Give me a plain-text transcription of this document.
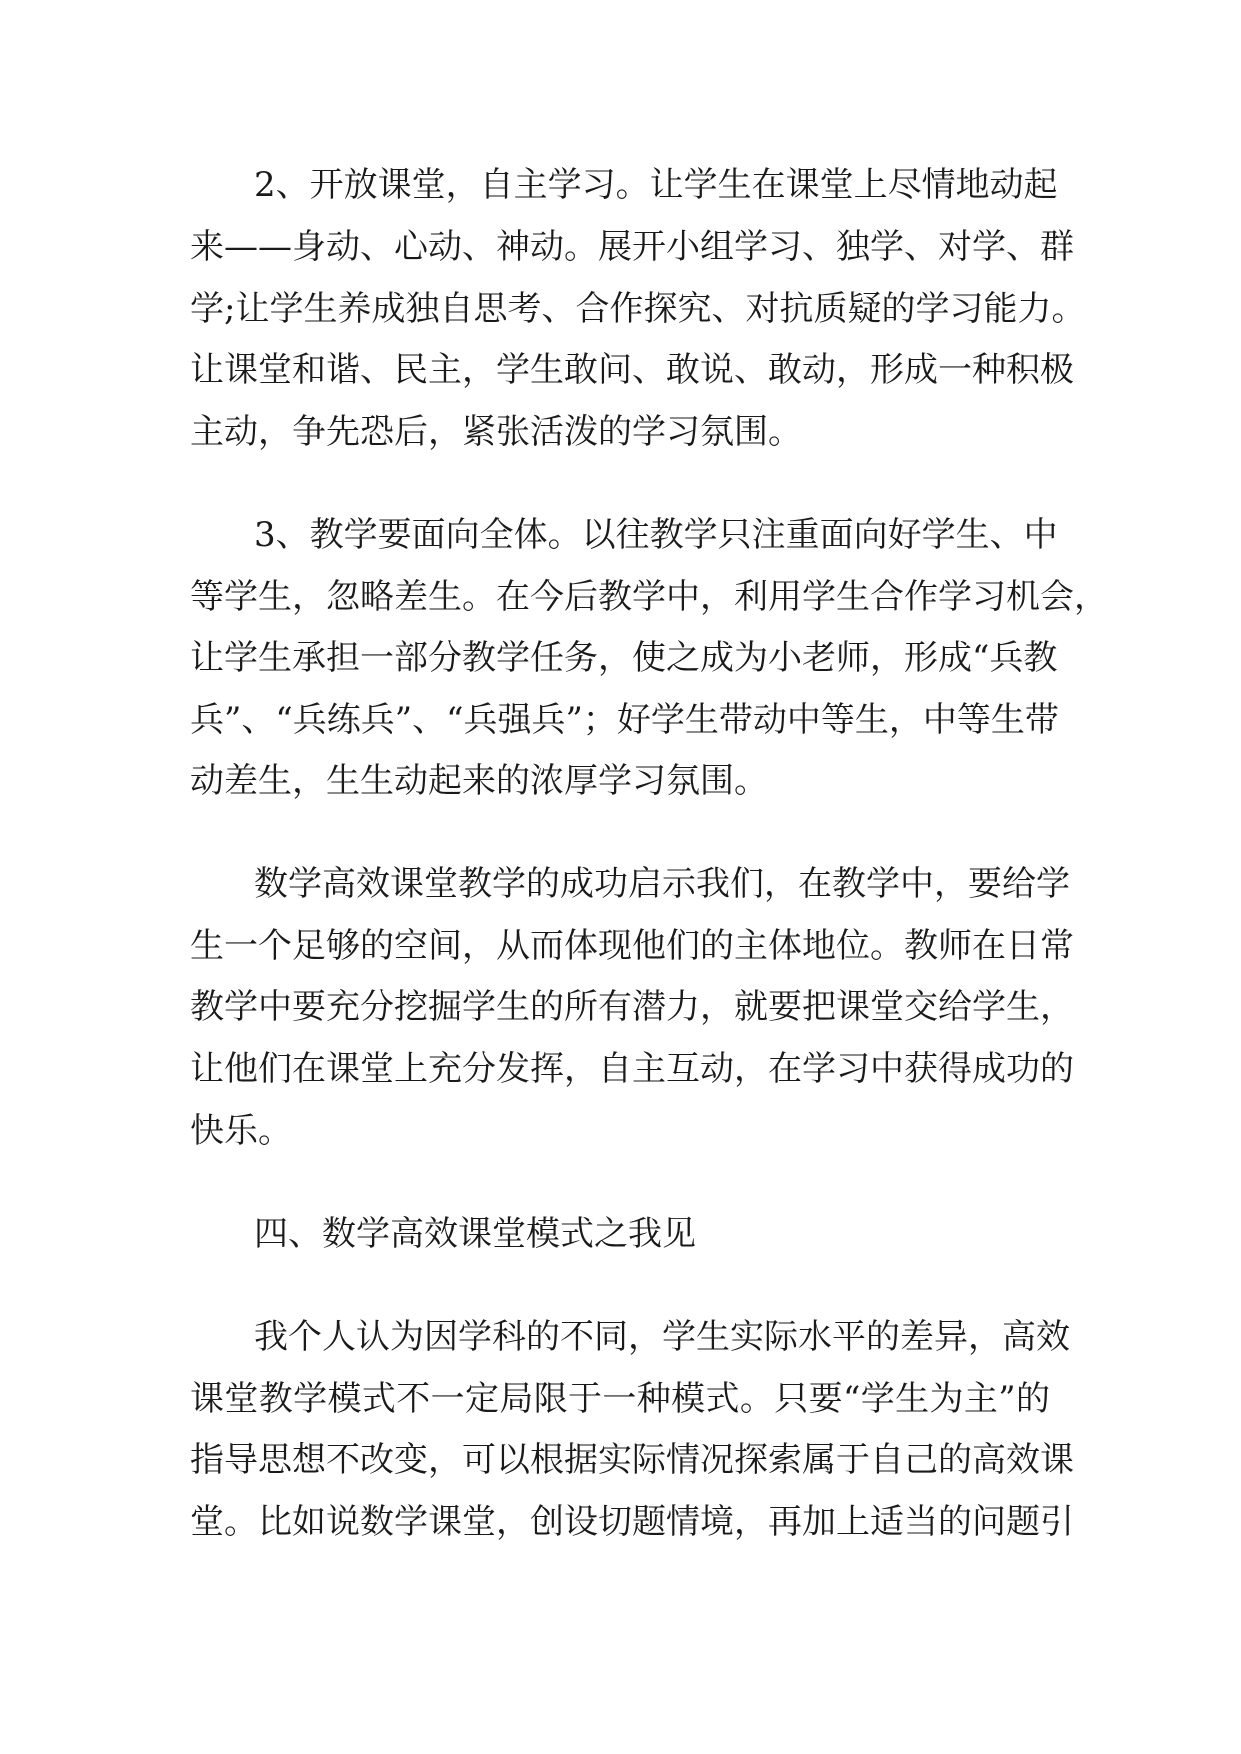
2、开放课堂，自主学习。让学生在课堂上尽情地动起

来——身动、心动、神动。展开小组学习、独学、对学、群

学;让学生养成独自思考、合作探究、对抗质疑的学习能力。

让课堂和谐、民主，学生敢问、敢说、敢动，形成一种积极

主动，争先恐后，紧张活泼的学习氛围。

3、教学要面向全体。以往教学只注重面向好学生、中

等学生，忽略差生。在今后教学中，利用学生合作学习机会，

让学生承担一部分教学任务，使之成为小老师，形成“兵教

兵”、“兵练兵”、“兵强兵”；好学生带动中等生，中等生带

动差生，生生动起来的浓厚学习氛围。

数学高效课堂教学的成功启示我们，在教学中，要给学

生一个足够的空间，从而体现他们的主体地位。教师在日常

教学中要充分挖掘学生的所有潜力，就要把课堂交给学生，

让他们在课堂上充分发挥，自主互动，在学习中获得成功的

快乐。

四、数学高效课堂模式之我见

我个人认为因学科的不同，学生实际水平的差异，高效

课堂教学模式不一定局限于一种模式。只要“学生为主”的

指导思想不改变，可以根据实际情况探索属于自己的高效课

堂。比如说数学课堂，创设切题情境，再加上适当的问题引
